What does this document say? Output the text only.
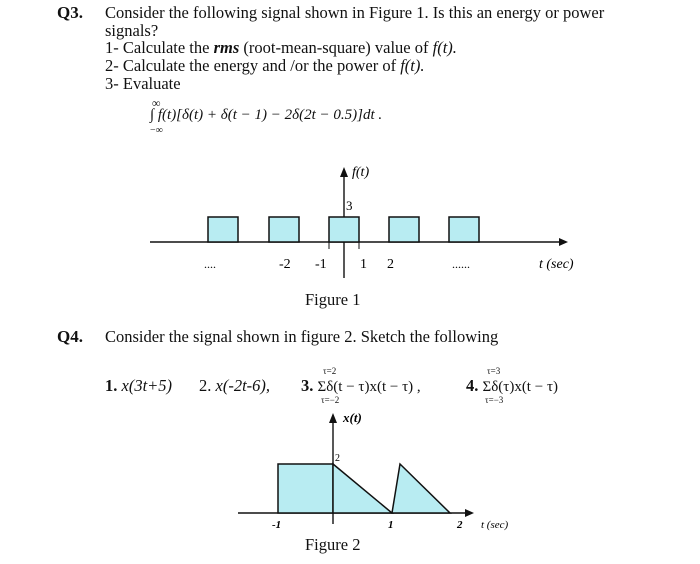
Q3. Consider the following signal shown in Figure 1. Is this an energy or power
signals?
1- Calculate the rms (root-mean-square) value of f(t).
2- Calculate the energy and /or the power of f(t).
3- Evaluate
∞
∫ f(t)[δ(t) + δ(t − 1) − 2δ(2t − 0.5)]dt .
−∞
f(t)
3
....	-2 -1 1 2	......	t (sec)
Figure 1
Q4. Consider the signal shown in figure 2. Sketch the following
1. x(3t+5) 2. x(-2t-6), 3. Σδ(t − τ)x(t − τ) ,
τ=2
τ=−2
4. Σδ(τ)x(t − τ)
τ=3
τ=−3
x(t)
2
-1	1	2 t (sec)
Figure 2
